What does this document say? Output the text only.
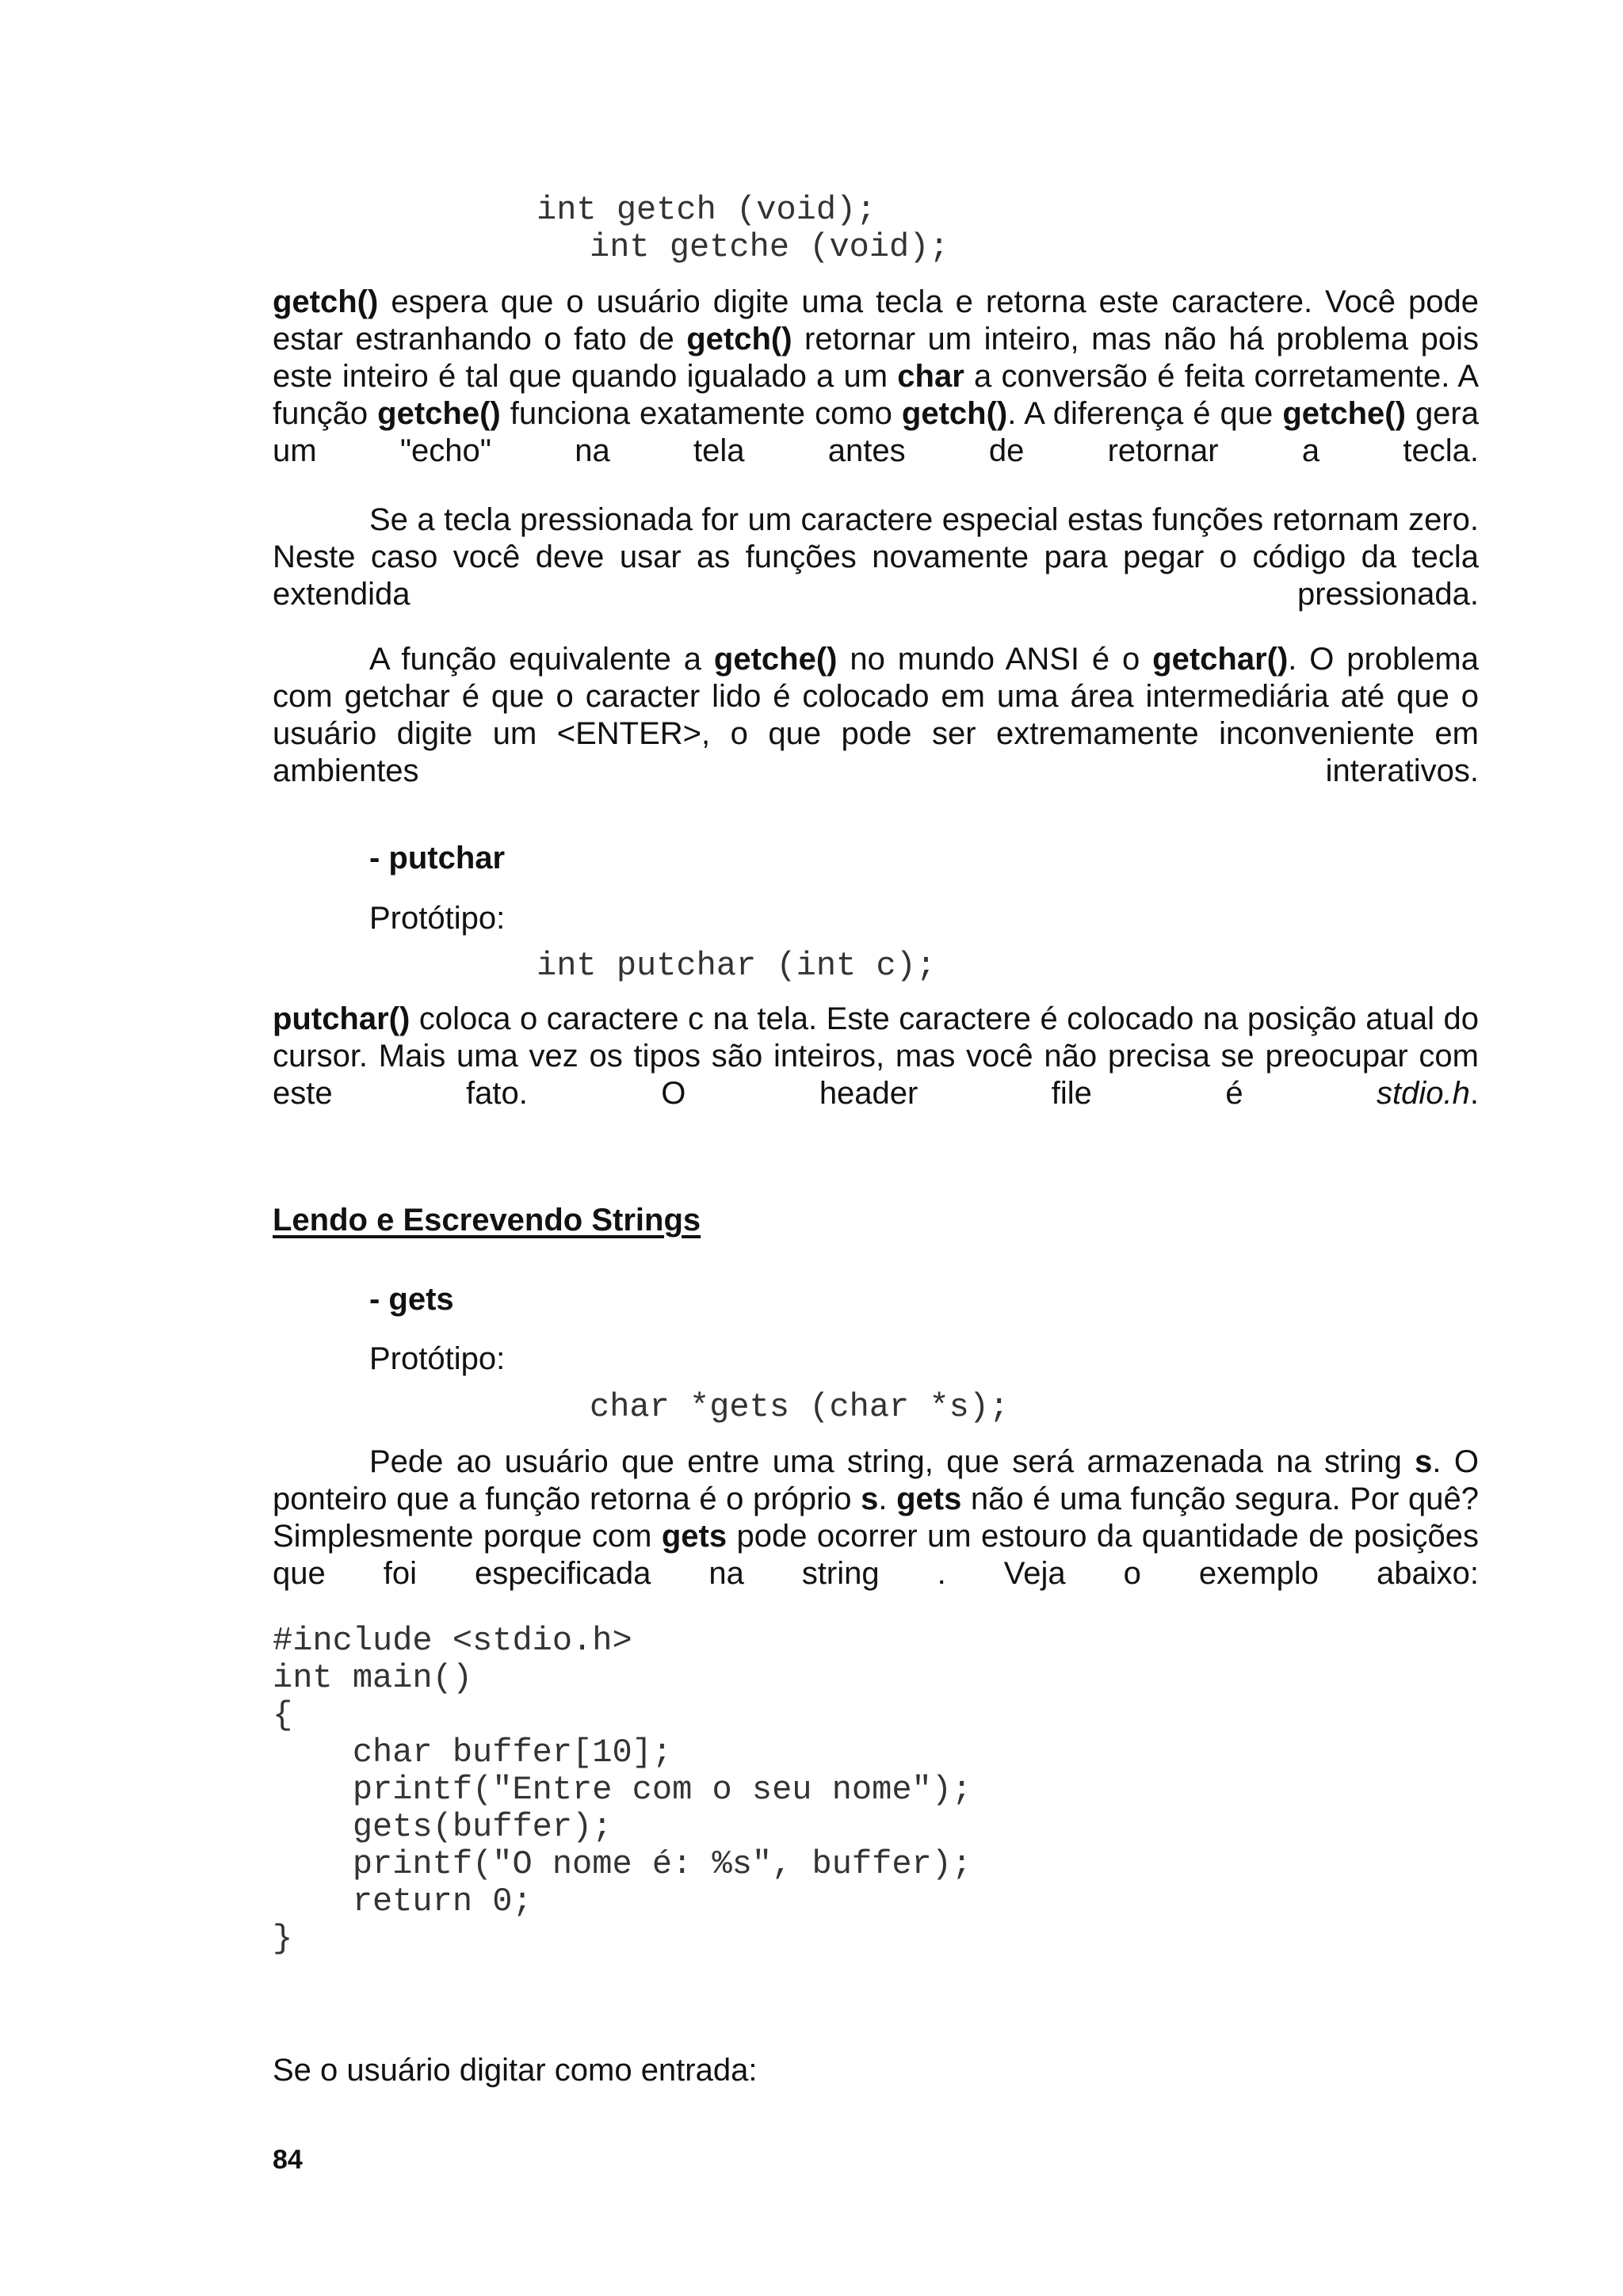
int getch (void);
int getche (void);
getch() espera que o usuário digite uma tecla e retorna este caractere. Você pode estar estranhando o fato de getch() retornar um inteiro, mas não há problema pois este inteiro é tal que quando igualado a um char a conversão é feita corretamente. A função getche() funciona exatamente como getch(). A diferença é que getche() gera um "echo" na tela antes de retornar a tecla.
Se a tecla pressionada for um caractere especial estas funções retornam zero. Neste caso você deve usar as funções novamente para pegar o código da tecla extendida pressionada.
A função equivalente a getche() no mundo ANSI é o getchar(). O problema com getchar é que o caracter lido é colocado em uma área intermediária até que o usuário digite um <ENTER>, o que pode ser extremamente inconveniente em ambientes interativos.
- putchar
Protótipo:
int putchar (int c);
putchar() coloca o caractere c na tela. Este caractere é colocado na posição atual do cursor. Mais uma vez os tipos são inteiros, mas você não precisa se preocupar com este fato. O header file é stdio.h.
Lendo e Escrevendo Strings
- gets
Protótipo:
char *gets (char *s);
Pede ao usuário que entre uma string, que será armazenada na string s. O ponteiro que a função retorna é o próprio s. gets não é uma função segura. Por quê? Simplesmente porque com gets pode ocorrer um estouro da quantidade de posições que foi especificada na string . Veja o exemplo abaixo:
#include <stdio.h>
int main()
{
char buffer[10];
printf("Entre com o seu nome");
gets(buffer);
printf("O nome é: %s", buffer);
return 0;
}
Se o usuário digitar como entrada:
84
